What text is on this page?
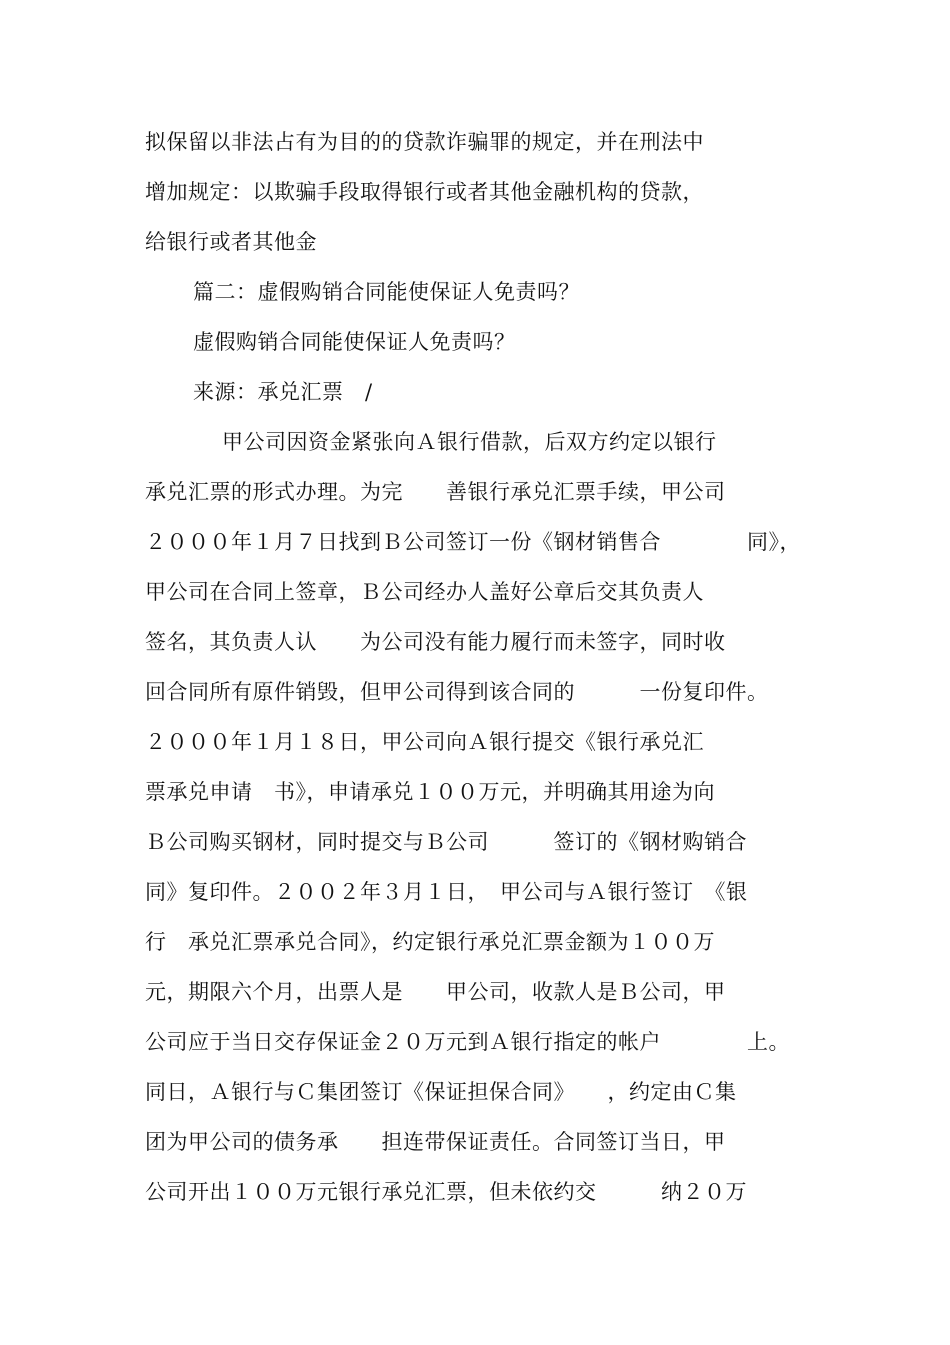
拟保留以非法占有为目的的贷款诈骗罪的规定，并在刑法中
增加规定：以欺骗手段取得银行或者其他金融机构的贷款，
给银行或者其他金
篇二：虚假购销合同能使保证人免责吗？
虚假购销合同能使保证人免责吗？
来源：承兑汇票　/
甲公司因资金紧张向Ａ银行借款，后双方约定以银行
承兑汇票的形式办理。为完　　善银行承兑汇票手续，甲公司
２０００年１月７日找到Ｂ公司签订一份《钢材销售合　　　　同》，
甲公司在合同上签章，Ｂ公司经办人盖好公章后交其负责人
签名，其负责人认　　为公司没有能力履行而未签字，同时收
回合同所有原件销毁，但甲公司得到该合同的　　　一份复印件。
２０００年１月１８日，甲公司向Ａ银行提交《银行承兑汇
票承兑申请　书》，申请承兑１００万元，并明确其用途为向
Ｂ公司购买钢材，同时提交与Ｂ公司　　　签订的《钢材购销合
同》复印件。２００２年３月１日，　甲公司与Ａ银行签订　《银
行　承兑汇票承兑合同》，约定银行承兑汇票金额为１００万
元，期限六个月，出票人是　　甲公司，收款人是Ｂ公司，甲
公司应于当日交存保证金２０万元到Ａ银行指定的帐户　　　　上。
同日，Ａ银行与Ｃ集团签订《保证担保合同》　　，约定由Ｃ集
团为甲公司的债务承　　担连带保证责任。合同签订当日，甲
公司开出１００万元银行承兑汇票，但未依约交　　　纳２０万
